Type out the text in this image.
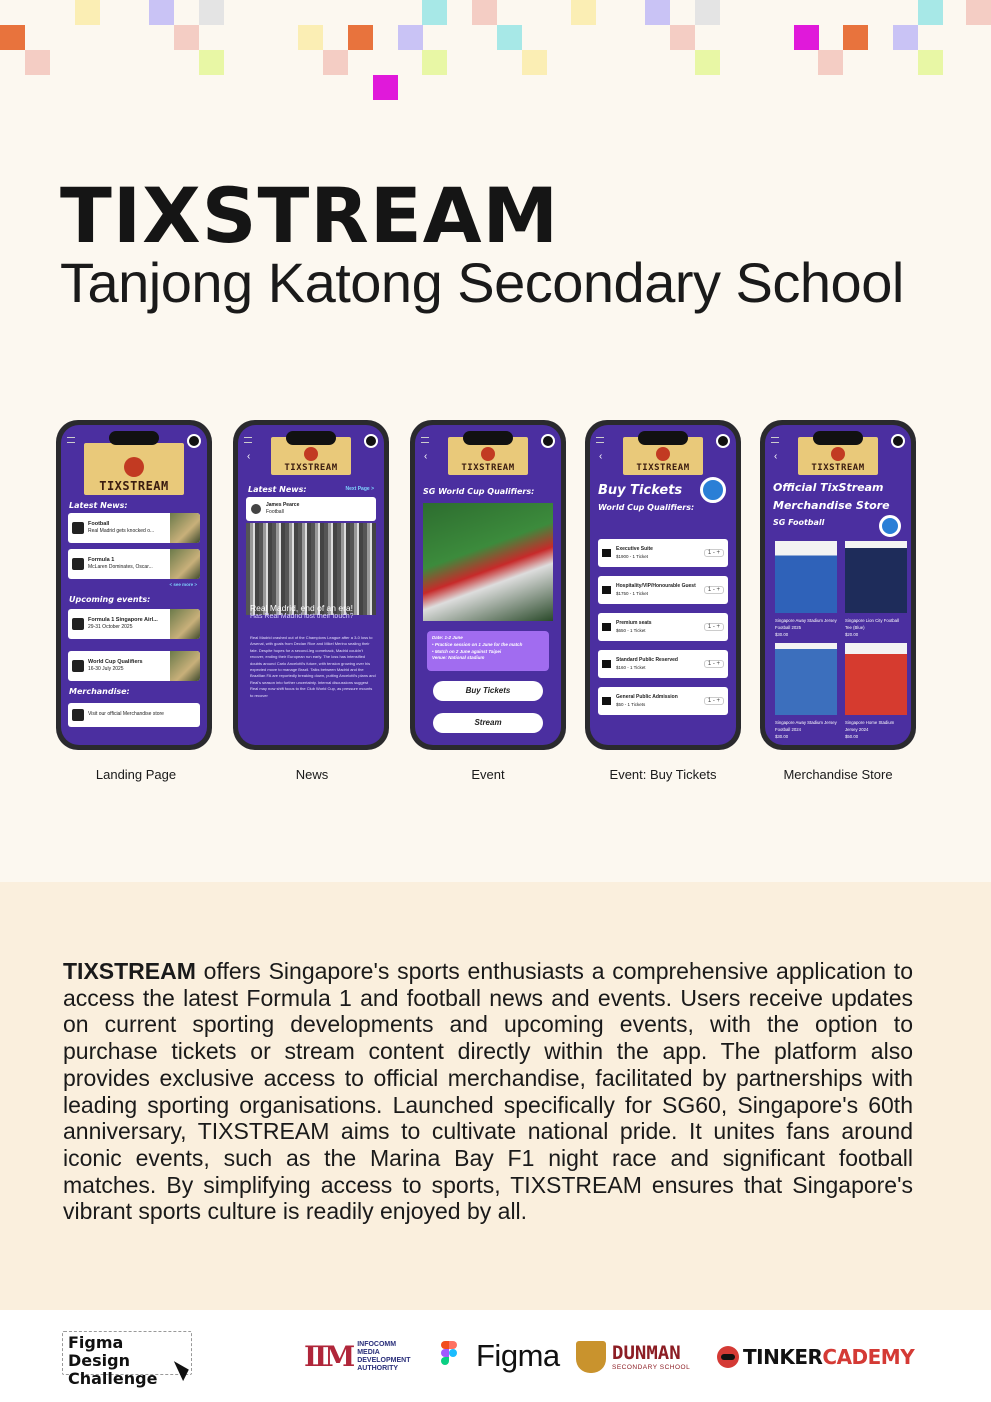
TIXSTREAM
Tanjong Katong Secondary School
TIXSTREAM
Latest News:
Football
Real Madrid gets knocked o...
Formula 1
McLaren Dominates, Oscar...
< see more >
Upcoming events:
Formula 1 Singapore Airl...
29-31 October 2025
World Cup Qualifiers
16-30 July 2025
Merchandise:
Visit our official Merchandise store
Landing Page
‹
TIXSTREAM
Latest News:	Next Page >
James Pearce
Football
Real Madrid, end of an era!
Has Real Madrid lost their touch?
Real Madrid crashed out of the Champions League after a 3-0 loss to Arsenal, with goals from Declan Rice and Mikel Merino sealing their fate. Despite hopes for a second-leg comeback, Madrid couldn't recover, ending their European run early. The loss has intensified doubts around Carlo Ancelotti's future, with tension growing over his expected move to manage Brazil. Talks between Madrid and the Brazilian FA are reportedly breaking down, putting Ancelotti's plans and Real's season into further uncertainty. Internal discussions suggest Real may now shift focus to the Club World Cup, as pressure mounts to recover
News
‹
TIXSTREAM
SG World Cup Qualifiers:
Date: 1-2 June
• Practice session on 1 June for the match
• Match on 2 June against Taipei
Venue: National stadium
Buy Tickets
Stream
Event
‹
TIXSTREAM
Buy Tickets
World Cup Qualifiers:
Executive Suite
$1900 - 1 Ticket
1 - +
Hospitality/VIP/Honourable Guest
$1750 - 1 Ticket
1 - +
Premium seats
$650 - 1 Ticket
1 - +
Standard Public Reserved
$160 - 1 Ticket
1 - +
General Public Admission
$50 - 1 Tickets
1 - +
Event: Buy Tickets
‹
TIXSTREAM
Official TixStream
Merchandise Store
SG Football
Singapore Away Stadium Jersey Football 2025
$30.00
Singapore Lion City Football Tee (Blue)
$20.00
Singapore Away Stadium Jersey Football 2024
$30.00
Singapore Home Stadium Jersey 2024
$50.00
Merchandise Store

TIXSTREAM offers Singapore's sports enthusiasts a comprehensive application to access the latest Formula 1 and football news and events. Users receive updates on current sporting developments and upcoming events, with the option to purchase tickets or stream content directly within the app. The platform also provides exclusive access to official merchandise, facilitated by partnerships with leading sporting organisations. Launched specifically for SG60, Singapore's 60th anniversary, TIXSTREAM aims to cultivate national pride. It unites fans around iconic events, such as the Marina Bay F1 night race and significant football matches. By simplifying access to sports, TIXSTREAM ensures that Singapore's vibrant sports culture is readily enjoyed by all.

Figma Design
Challenge
IIM INFOCOMM
MEDIA
DEVELOPMENT
AUTHORITY	Figma	DUNMAN
SECONDARY SCHOOL	TINKER CADEMY
